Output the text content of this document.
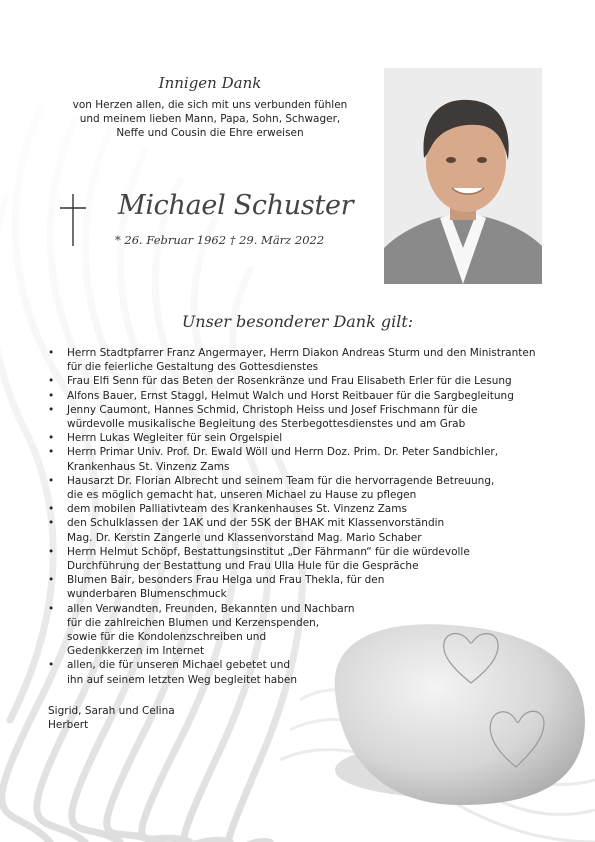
Innigen Dank

von Herzen allen, die sich mit uns verbunden fühlen
und meinem lieben Mann, Papa, Sohn, Schwager,
Neffe und Cousin die Ehre erweisen

Michael Schuster

* 26. Februar 1962 † 29. März 2022

Unser besonderer Dank gilt:
• Herrn Stadtpfarrer Franz Angermayer, Herrn Diakon Andreas Sturm und den Ministranten
für die feierliche Gestaltung des Gottesdienstes
• Frau Elfi Senn für das Beten der Rosenkränze und Frau Elisabeth Erler für die Lesung
• Alfons Bauer, Ernst Staggl, Helmut Walch und Horst Reitbauer für die Sargbegleitung
• Jenny Caumont, Hannes Schmid, Christoph Heiss und Josef Frischmann für die
würdevolle musikalische Begleitung des Sterbegottesdienstes und am Grab
• Herrn Lukas Wegleiter für sein Orgelspiel
• Herrn Primar Univ. Prof. Dr. Ewald Wöll und Herrn Doz. Prim. Dr. Peter Sandbichler,
Krankenhaus St. Vinzenz Zams
• Hausarzt Dr. Florian Albrecht und seinem Team für die hervorragende Betreuung,
die es möglich gemacht hat, unseren Michael zu Hause zu pflegen
• dem mobilen Palliativteam des Krankenhauses St. Vinzenz Zams
• den Schulklassen der 1AK und der 5SK der BHAK mit Klassenvorständin
Mag. Dr. Kerstin Zangerle und Klassenvorstand Mag. Mario Schaber
• Herrn Helmut Schöpf, Bestattungsinstitut „Der Fährmann“ für die würdevolle
Durchführung der Bestattung und Frau Ulla Hule für die Gespräche
• Blumen Bair, besonders Frau Helga und Frau Thekla, für den
wunderbaren Blumenschmuck
• allen Verwandten, Freunden, Bekannten und Nachbarn
für die zahlreichen Blumen und Kerzenspenden,
sowie für die Kondolenzschreiben und
Gedenkkerzen im Internet
• allen, die für unseren Michael gebetet und
ihn auf seinem letzten Weg begleitet haben
Sigrid, Sarah und Celina
Herbert
